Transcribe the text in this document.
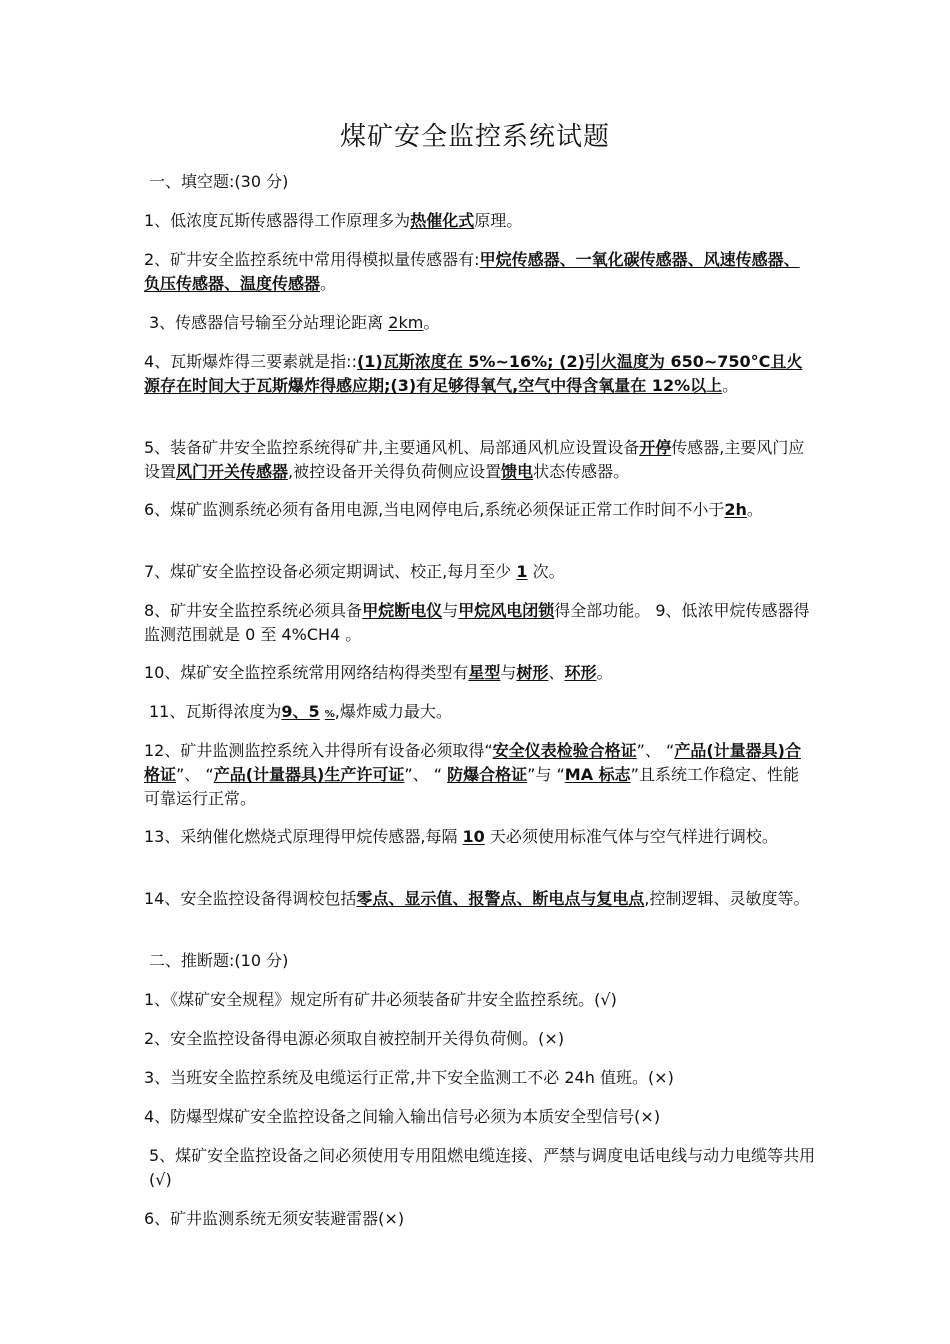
煤矿安全监控系统试题

一、填空题:(30 分)

1、低浓度瓦斯传感器得工作原理多为热催化式原理。

2、矿井安全监控系统中常用得模拟量传感器有:甲烷传感器、一氧化碳传感器、风速传感器、负压传感器、温度传感器。

3、传感器信号输至分站理论距离 2km。

4、瓦斯爆炸得三要素就是指::(1)瓦斯浓度在 5%~16%; (2)引火温度为 650~750°C且火源存在时间大于瓦斯爆炸得感应期;(3)有足够得氧气,空气中得含氧量在 12%以上。

5、装备矿井安全监控系统得矿井,主要通风机、局部通风机应设置设备开停传感器,主要风门应设置风门开关传感器,被控设备开关得负荷侧应设置馈电状态传感器。

6、煤矿监测系统必须有备用电源,当电网停电后,系统必须保证正常工作时间不小于2h。

7、煤矿安全监控设备必须定期调试、校正,每月至少 1 次。

8、矿井安全监控系统必须具备甲烷断电仪与甲烷风电闭锁得全部功能。 9、低浓甲烷传感器得监测范围就是 0 至 4%CH4 。

10、煤矿安全监控系统常用网络结构得类型有星型与树形、环形。

11、瓦斯得浓度为9、5 %,爆炸威力最大。

12、矿井监测监控系统入井得所有设备必须取得“安全仪表检验合格证”、 “产品(计量器具)合格证”、 “产品(计量器具)生产许可证”、 “ 防爆合格证”与 “MA 标志”且系统工作稳定、性能可靠运行正常。

13、采纳催化燃烧式原理得甲烷传感器,每隔 10 天必须使用标准气体与空气样进行调校。

14、安全监控设备得调校包括零点、显示值、报警点、断电点与复电点,控制逻辑、灵敏度等。

二、推断题:(10 分)

1、《煤矿安全规程》规定所有矿井必须装备矿井安全监控系统。(√)

2、安全监控设备得电源必须取自被控制开关得负荷侧。(×)

3、当班安全监控系统及电缆运行正常,井下安全监测工不必 24h 值班。(×)

4、防爆型煤矿安全监控设备之间输入输出信号必须为本质安全型信号(×)

5、煤矿安全监控设备之间必须使用专用阻燃电缆连接、严禁与调度电话电线与动力电缆等共用(√)

6、矿井监测系统无须安装避雷器(×)
